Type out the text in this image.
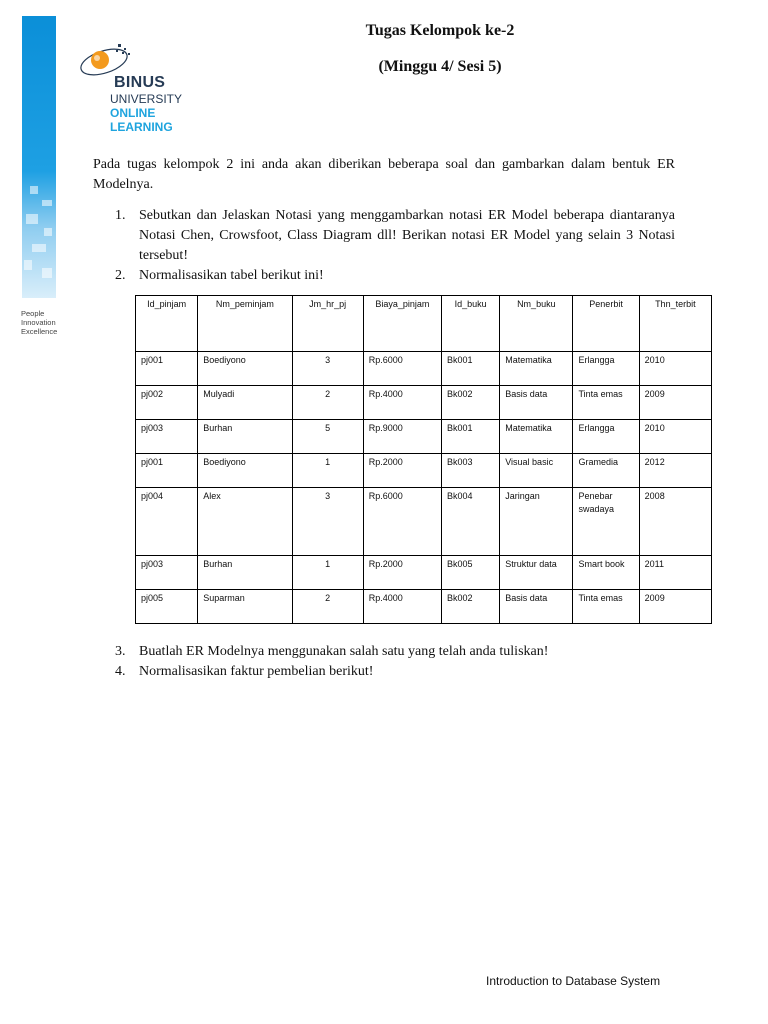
People
Innovation
Excellence
BINUS
UNIVERSITY
ONLINE
LEARNING
Tugas Kelompok ke-2
(Minggu 4/ Sesi 5)
Pada tugas kelompok 2 ini anda akan diberikan beberapa soal dan gambarkan dalam bentuk ER Modelnya.
1. Sebutkan dan Jelaskan Notasi yang menggambarkan notasi ER Model beberapa diantaranya Notasi Chen, Crowsfoot, Class Diagram dll! Berikan notasi ER Model yang selain 3 Notasi tersebut!
2. Normalisasikan tabel berikut ini!
Id_pinjam	Nm_peminjam	Jm_hr_pj	Biaya_pinjam	Id_buku	Nm_buku	Penerbit	Thn_terbit
pj001	Boediyono	3	Rp.6000	Bk001	Matematika	Erlangga	2010
pj002	Mulyadi	2	Rp.4000	Bk002	Basis data	Tinta emas	2009
pj003	Burhan	5	Rp.9000	Bk001	Matematika	Erlangga	2010
pj001	Boediyono	1	Rp.2000	Bk003	Visual basic	Gramedia	2012
pj004	Alex	3	Rp.6000	Bk004	Jaringan	Penebar swadaya	2008
pj003	Burhan	1	Rp.2000	Bk005	Struktur data	Smart book	2011
pj005	Suparman	2	Rp.4000	Bk002	Basis data	Tinta emas	2009
3. Buatlah ER Modelnya menggunakan salah satu yang telah anda tuliskan!
4. Normalisasikan faktur pembelian berikut!
Introduction to Database System
